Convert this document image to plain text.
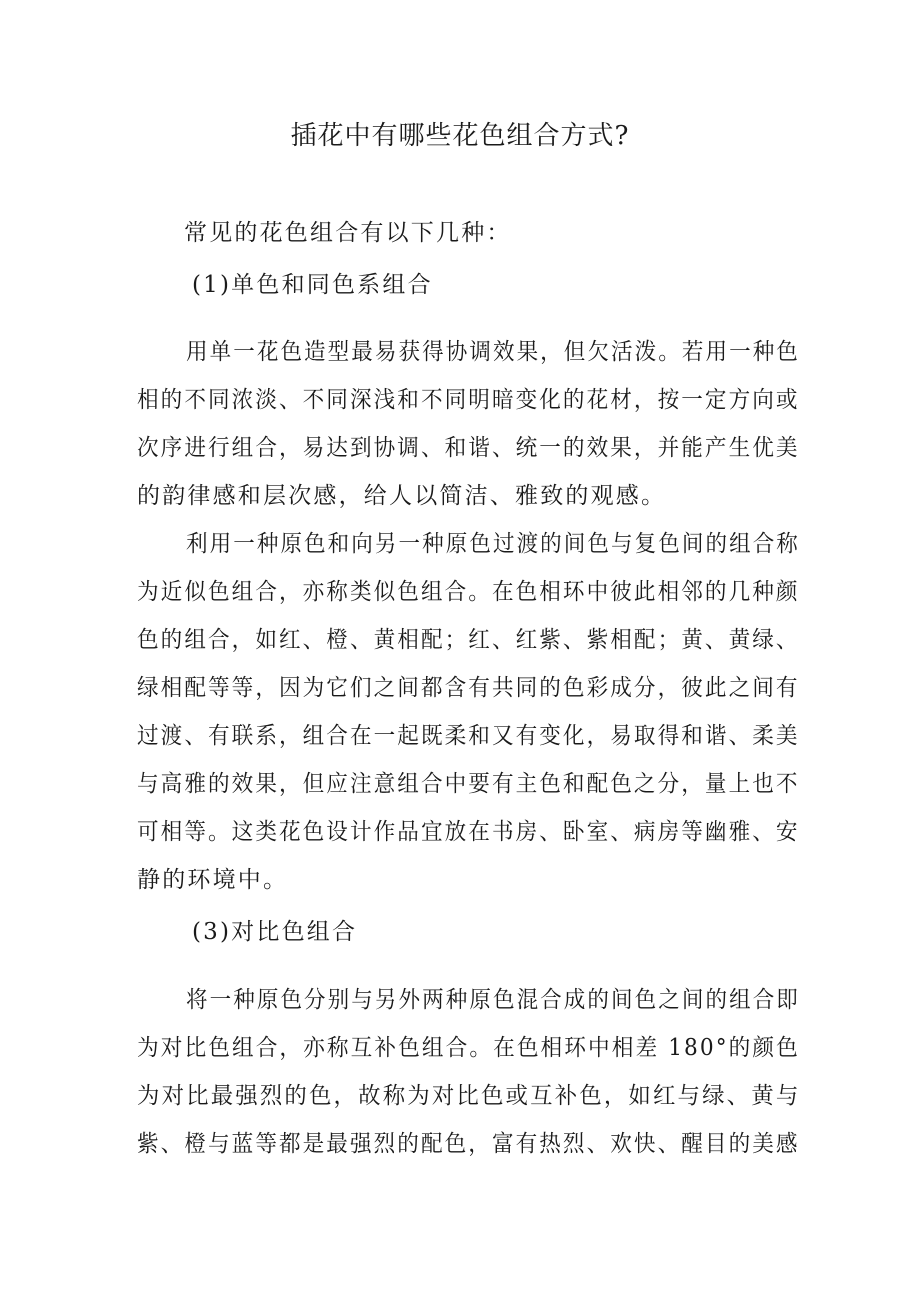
插花中有哪些花色组合方式?
常见的花色组合有以下几种：
(1)单色和同色系组合
用单一花色造型最易获得协调效果，但欠活泼。若用一种色
相的不同浓淡、不同深浅和不同明暗变化的花材，按一定方向或
次序进行组合，易达到协调、和谐、统一的效果，并能产生优美
的韵律感和层次感，给人以简洁、雅致的观感。
利用一种原色和向另一种原色过渡的间色与复色间的组合称
为近似色组合，亦称类似色组合。在色相环中彼此相邻的几种颜
色的组合，如红、橙、黄相配；红、红紫、紫相配；黄、黄绿、
绿相配等等，因为它们之间都含有共同的色彩成分，彼此之间有
过渡、有联系，组合在一起既柔和又有变化，易取得和谐、柔美
与高雅的效果，但应注意组合中要有主色和配色之分，量上也不
可相等。这类花色设计作品宜放在书房、卧室、病房等幽雅、安
静的环境中。
(3)对比色组合
将一种原色分别与另外两种原色混合成的间色之间的组合即
为对比色组合，亦称互补色组合。在色相环中相差 180°的颜色
为对比最强烈的色，故称为对比色或互补色，如红与绿、黄与
紫、橙与蓝等都是最强烈的配色，富有热烈、欢快、醒目的美感
